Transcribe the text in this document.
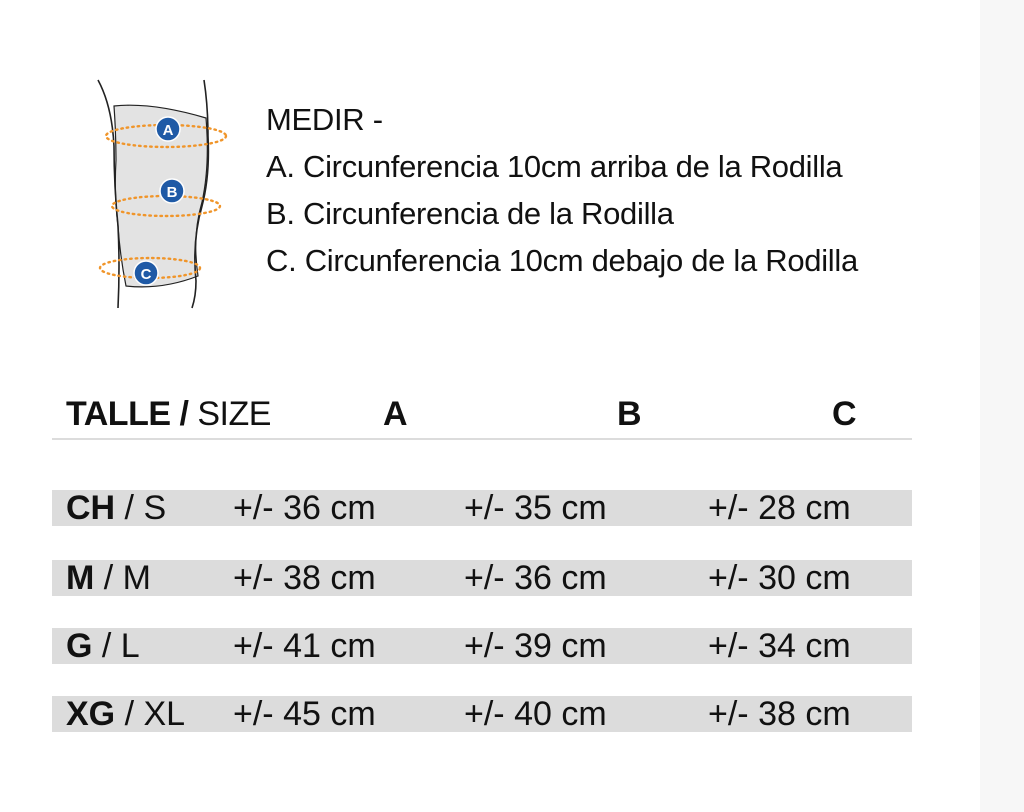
A
B
C
MEDIR -
A. Circunferencia 10cm arriba de la Rodilla
B. Circunferencia de la Rodilla
C. Circunferencia 10cm debajo de la Rodilla
TALLE / SIZE	A	B	C
CH / S +/- 36 cm	+/- 35 cm	+/- 28 cm
M / M +/- 38 cm	+/- 36 cm	+/- 30 cm
G / L	+/- 41 cm	+/- 39 cm	+/- 34 cm
XG / XL +/- 45 cm	+/- 40 cm	+/- 38 cm
